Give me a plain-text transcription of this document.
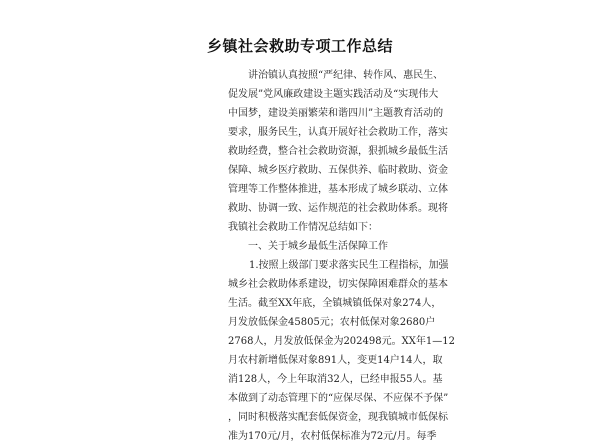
乡镇社会救助专项工作总结
讲治镇认真按照“严纪律、转作风、惠民生、
促发展”党风廉政建设主题实践活动及“实现伟大
中国梦，建设美丽繁荣和谐四川”主题教育活动的
要求，服务民生，认真开展好社会救助工作，落实
救助经费，整合社会救助资源，狠抓城乡最低生活
保障、城乡医疗救助、五保供养、临时救助、资金
管理等工作整体推进，基本形成了城乡联动、立体
救助、协调一致、运作规范的社会救助体系。现将
我镇社会救助工作情况总结如下：
一、关于城乡最低生活保障工作
1.按照上级部门要求落实民生工程指标，加强
城乡社会救助体系建设，切实保障困难群众的基本
生活。截至XX年底，全镇城镇低保对象274人，
月发放低保金45805元；农村低保对象2680户
2768人，月发放低保金为202498元。XX年1—12
月农村新增低保对象891人，变更14户14人，取
消128人，今上年取消32人，已经申报55人。基
本做到了动态管理下的“应保尽保、不应保不予保”
，同时积极落实配套低保资金，现我镇城市低保标
准为170元/月，农村低保标准为72元/月。每季
